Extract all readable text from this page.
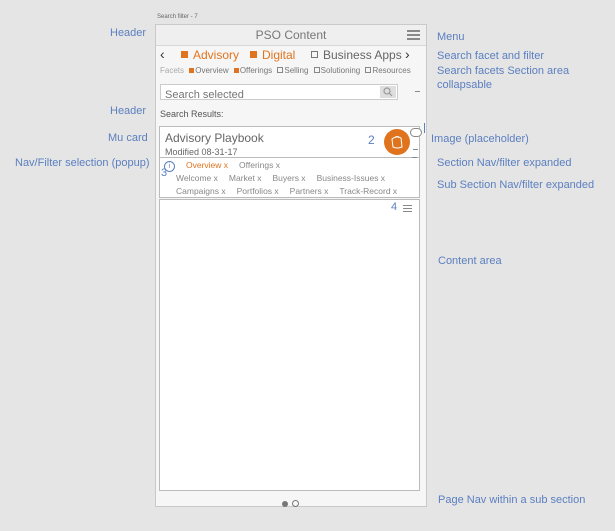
Search filter - 7
Header
Header
Mu card
Nav/Filter selection (popup)
Menu
Search facet and filter
Search facets Section area
collapsable
Image (placeholder)
Section Nav/filter expanded
Sub Section Nav/filter expanded
Content area
Page Nav within a sub section
PSO Content
‹	Advisory	Digital	Business Apps ›
Facets Overview Offerings Selling Solutioning Resources
Search selected
Search Results:
Advisory Playbook
Modified 08-31-17
2
3
i Overview x Offerings x
Welcome x Market x Buyers x Business-Issues x
Campaigns x Portfolios x Partners x Track-Record x
4
